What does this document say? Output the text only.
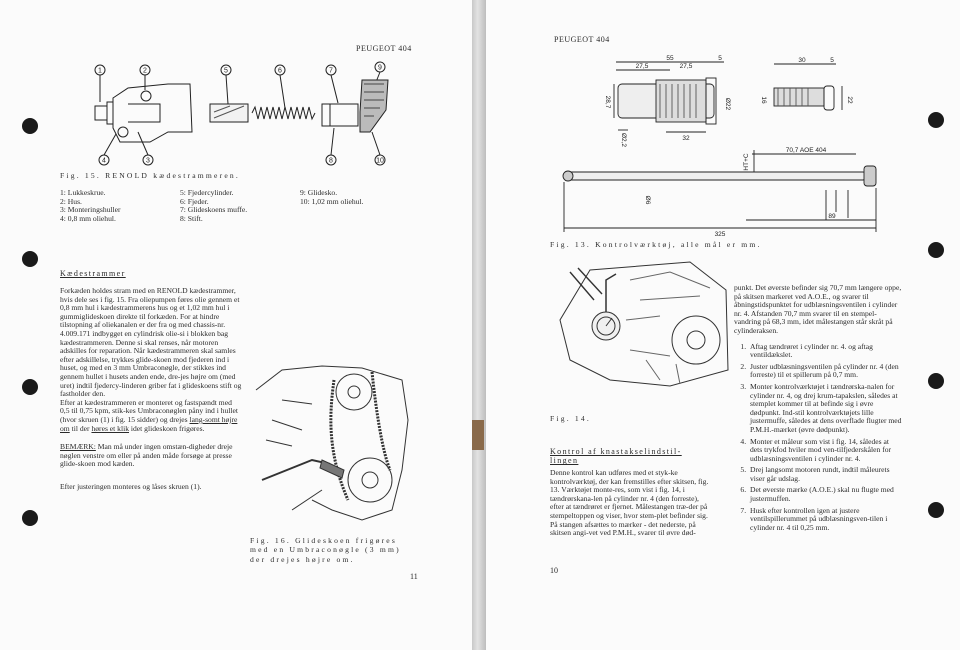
PEUGEOT 404
1	2
3
4
5	6	7
8
9
10
Fig. 15. RENOLD kædestrammeren.
1: Lukkeskrue.
2: Hus.
3: Monteringshuller
4: 0,8 mm oliehul.
5: Fjedercylinder.
6: Fjeder.
7: Glideskoens muffe.
8: Stift.
9: Glidesko.
10: 1,02 mm oliehul.
Kædestrammer

Forkæden holdes stram med en RENOLD kædestrammer, hvis dele ses i fig. 15. Fra oliepumpen føres olie gennem et 0,8 mm hul i kædestrammerens hus og et 1,02 mm hul i gummiglideskoen direkte til forkæden. For at hindre tilstopning af oliekanalen er der fra og med chassis-nr. 4.009.171 indbygget en cylindrisk olie-si i blokken bag kædestrammeren. Denne si skal renses, når motoren adskilles for reparation. Når kædestrammeren skal samles efter adskillelse, trykkes glide-skoen mod fjederen ind i huset, og med en 3 mm Umbraconøgle, der stikkes ind gennem hullet i husets anden ende, dre-jes højre om (med uret) indtil fjedercy-linderen griber fat i glideskoens stift og fastholder den.

Efter at kædestrammeren er monteret og fastspændt med 0,5 til 0,75 kpm, stik-kes Umbraconøglen påny ind i hullet (hvor skruen (1) i fig. 15 sidder) og drejes lang-somt højre om til der høres et klik idet glideskoen frigøres.

BEMÆRK: Man må under ingen omstæn-digheder dreje nøglen venstre om eller på anden måde forsøge at presse glide-skoen mod kæden.

Efter justeringen monteres og låses skruen (1).

Fig. 16. Glideskoen frigøres med en Umbraconøgle (3 mm) der drejes højre om.
11
PEUGEOT 404
55
27,5	27,5
5	30	5
16
28,7	22
32
Ø2,2
Ø22
70,7 AOE 404
Ø6
HT+C
89
325
Fig. 13. Kontrolværktøj, alle mål er mm.
Fig. 14.
Kontrol af knastakselindstil-lingen
Denne kontrol kan udføres med et styk-ke kontrolværktøj, der kan fremstilles efter skitsen, fig. 13. Værktøjet monte-res, som vist i fig. 14, i tændrørskana-len på cylinder nr. 4 (den forreste), efter at tændrøret er fjernet. Målestangen træ-der på stempeltoppen og viser, hvor stem-plet befinder sig. På stangen afsættes to mærker - det nederste, på skitsen angi-vet ved P.M.H., svarer til øvre død-

punkt. Det øverste befinder sig 70,7 mm længere oppe, på skitsen markeret ved A.O.E., og svarer til åbningstidspunktet for udblæsningsventilen i cylinder nr. 4. Afstanden 70,7 mm svarer til en stempel-vandring på 68,3 mm, idet målestangen står skråt på cylinderaksen.

1. Aftag tændrøret i cylinder nr. 4. og aftag ventildækslet.
2. Juster udblæsningsventilen på cylinder nr. 4 (den forreste) til et spillerum på 0,7 mm.
3. Monter kontrolværktøjet i tændrørska-nalen for cylinder nr. 4, og drej krum-tapakslen, således at stemplet kommer til at befinde sig i øvre dødpunkt. Ind-stil kontrolværktøjets lille justermuffe, således at dens overflade flugter med P.M.H.-mærket (øvre dødpunkt).
4. Monter et måleur som vist i fig. 14, således at dets trykfod hviler mod ven-tilfjederskålen for udblæsningsventilen i cylinder nr. 4.
5. Drej langsomt motoren rundt, indtil måleurets viser går udslag.
6. Det øverste mærke (A.O.E.) skal nu flugte med justermuffen.
7. Husk efter kontrollen igen at justere ventilspillerummet på udblæsningsven-tilen i cylinder nr. 4 til 0,25 mm.
10
